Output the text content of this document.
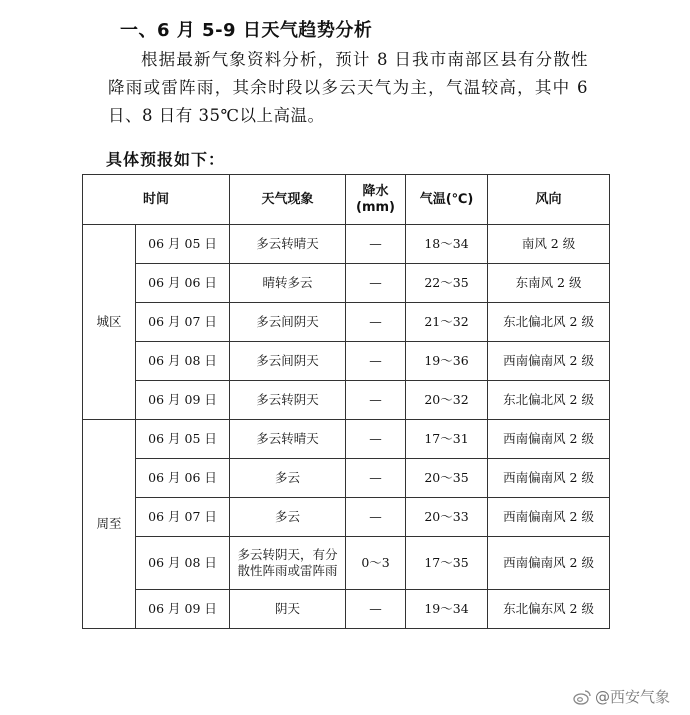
一、6 月 5-9 日天气趋势分析
根据最新气象资料分析，预计 8 日我市南部区县有分散性降雨或雷阵雨，其余时段以多云天气为主，气温较高，其中 6 日、8 日有 35℃以上高温。
具体预报如下：
时间		天气现象	降水(mm)	气温(℃)	风向
城区	06 月 05 日	多云转晴天	—	18～34	南风 2 级
	06 月 06 日	晴转多云	—	22～35	东南风 2 级
	06 月 07 日	多云间阴天	—	21～32	东北偏北风 2 级
	06 月 08 日	多云间阴天	—	19～36	西南偏南风 2 级
	06 月 09 日	多云转阴天	—	20～32	东北偏北风 2 级
周至	06 月 05 日	多云转晴天	—	17～31	西南偏南风 2 级
	06 月 06 日	多云	—	20～35	西南偏南风 2 级
	06 月 07 日	多云	—	20～33	西南偏南风 2 级
	06 月 08 日	多云转阴天，有分散性阵雨或雷阵雨	0～3	17～35	西南偏南风 2 级
	06 月 09 日	阴天	—	19～34	东北偏东风 2 级
@西安气象
